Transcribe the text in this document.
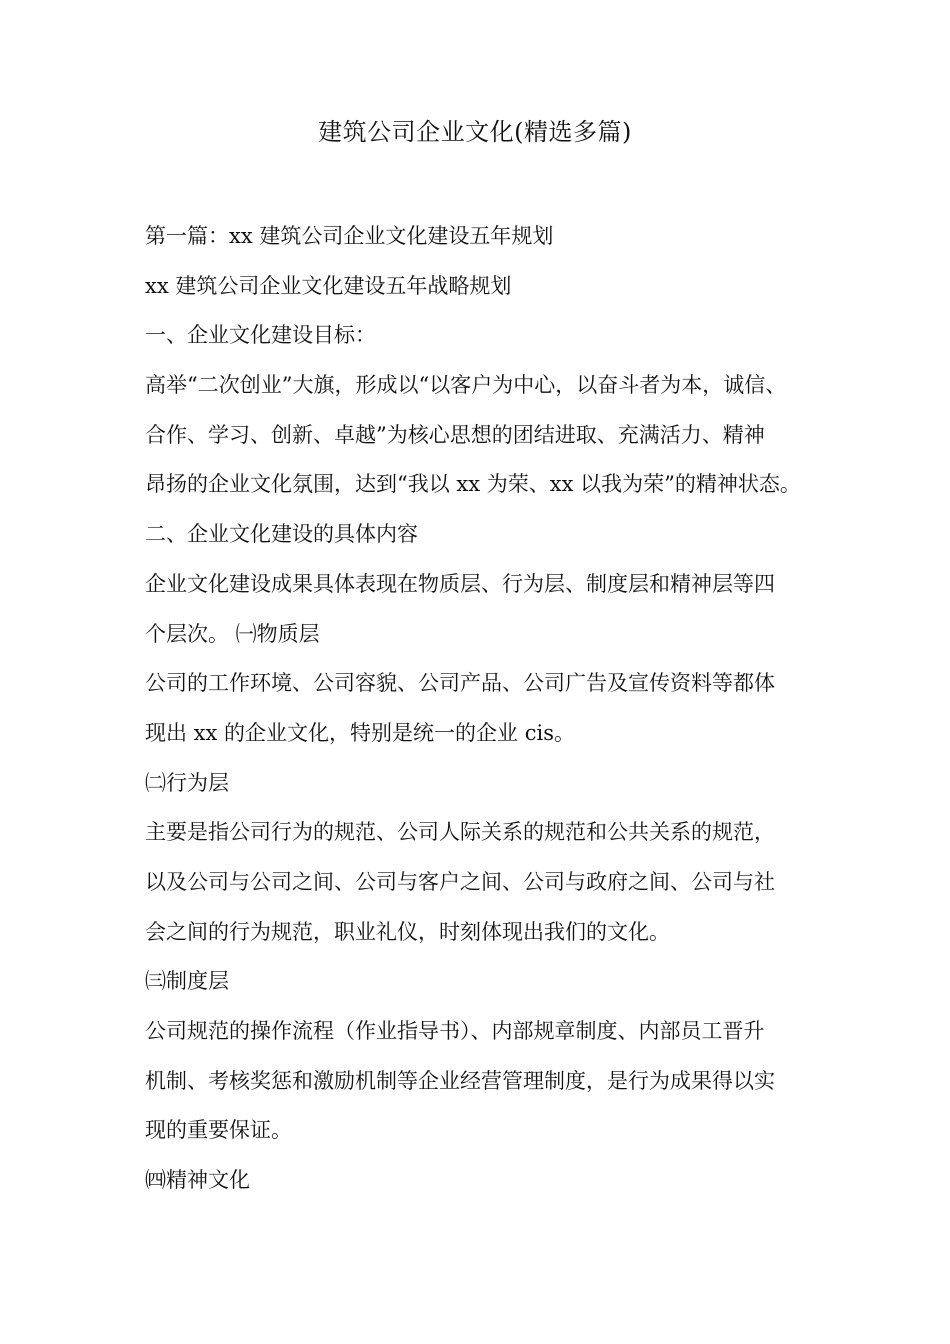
建筑公司企业文化(精选多篇)
第一篇：xx 建筑公司企业文化建设五年规划
xx 建筑公司企业文化建设五年战略规划
一、企业文化建设目标：
高举“二次创业”大旗，形成以“以客户为中心，以奋斗者为本，诚信、
合作、学习、创新、卓越”为核心思想的团结进取、充满活力、精神
昂扬的企业文化氛围，达到“我以 xx 为荣、xx 以我为荣”的精神状态。
二、企业文化建设的具体内容
企业文化建设成果具体表现在物质层、行为层、制度层和精神层等四
个层次。 ㈠物质层
公司的工作环境、公司容貌、公司产品、公司广告及宣传资料等都体
现出 xx 的企业文化，特别是统一的企业 cis。
㈡行为层
主要是指公司行为的规范、公司人际关系的规范和公共关系的规范，
以及公司与公司之间、公司与客户之间、公司与政府之间、公司与社
会之间的行为规范，职业礼仪，时刻体现出我们的文化。
㈢制度层
公司规范的操作流程（作业指导书）、内部规章制度、内部员工晋升
机制、考核奖惩和激励机制等企业经营管理制度，是行为成果得以实
现的重要保证。
㈣精神文化
